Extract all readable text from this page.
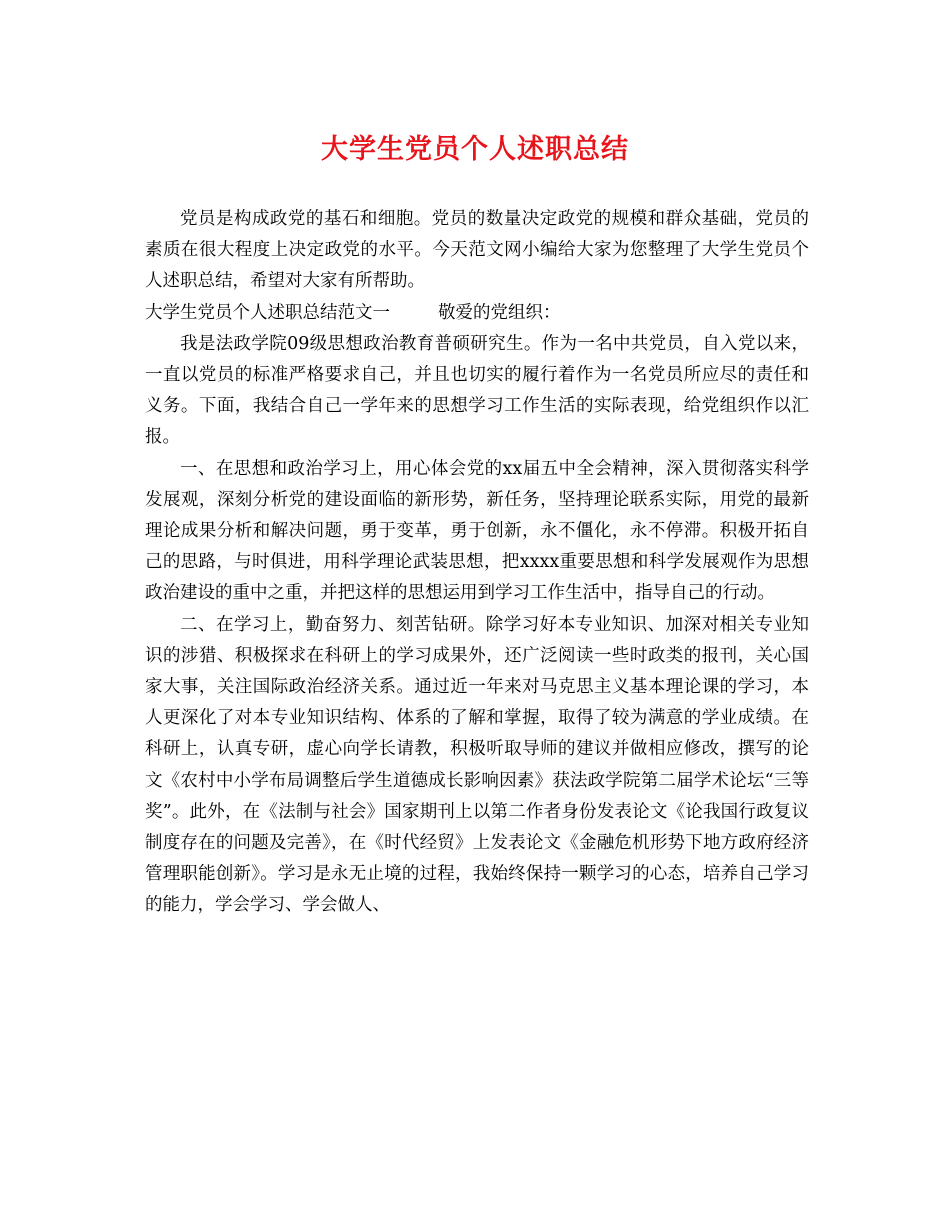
大学生党员个人述职总结

党员是构成政党的基石和细胞。党员的数量决定政党的规模和群众基础，党员的素质在很大程度上决定政党的水平。今天范文网小编给大家为您整理了大学生党员个人述职总结，希望对大家有所帮助。

大学生党员个人述职总结范文一	敬爱的党组织：

我是法政学院09级思想政治教育普硕研究生。作为一名中共党员，自入党以来，一直以党员的标准严格要求自己，并且也切实的履行着作为一名党员所应尽的责任和义务。下面，我结合自己一学年来的思想学习工作生活的实际表现，给党组织作以汇报。

一、在思想和政治学习上，用心体会党的xx届五中全会精神，深入贯彻落实科学发展观，深刻分析党的建设面临的新形势，新任务，坚持理论联系实际，用党的最新理论成果分析和解决问题，勇于变革，勇于创新，永不僵化，永不停滞。积极开拓自己的思路，与时俱进，用科学理论武装思想，把xxxx重要思想和科学发展观作为思想政治建设的重中之重，并把这样的思想运用到学习工作生活中，指导自己的行动。

二、在学习上，勤奋努力、刻苦钻研。除学习好本专业知识、加深对相关专业知识的涉猎、积极探求在科研上的学习成果外，还广泛阅读一些时政类的报刊，关心国家大事，关注国际政治经济关系。通过近一年来对马克思主义基本理论课的学习，本人更深化了对本专业知识结构、体系的了解和掌握，取得了较为满意的学业成绩。在科研上，认真专研，虚心向学长请教，积极听取导师的建议并做相应修改，撰写的论文《农村中小学布局调整后学生道德成长影响因素》获法政学院第二届学术论坛“三等奖”。此外，在《法制与社会》国家期刊上以第二作者身份发表论文《论我国行政复议制度存在的问题及完善》，在《时代经贸》上发表论文《金融危机形势下地方政府经济管理职能创新》。学习是永无止境的过程，我始终保持一颗学习的心态，培养自己学习的能力，学会学习、学会做人、
